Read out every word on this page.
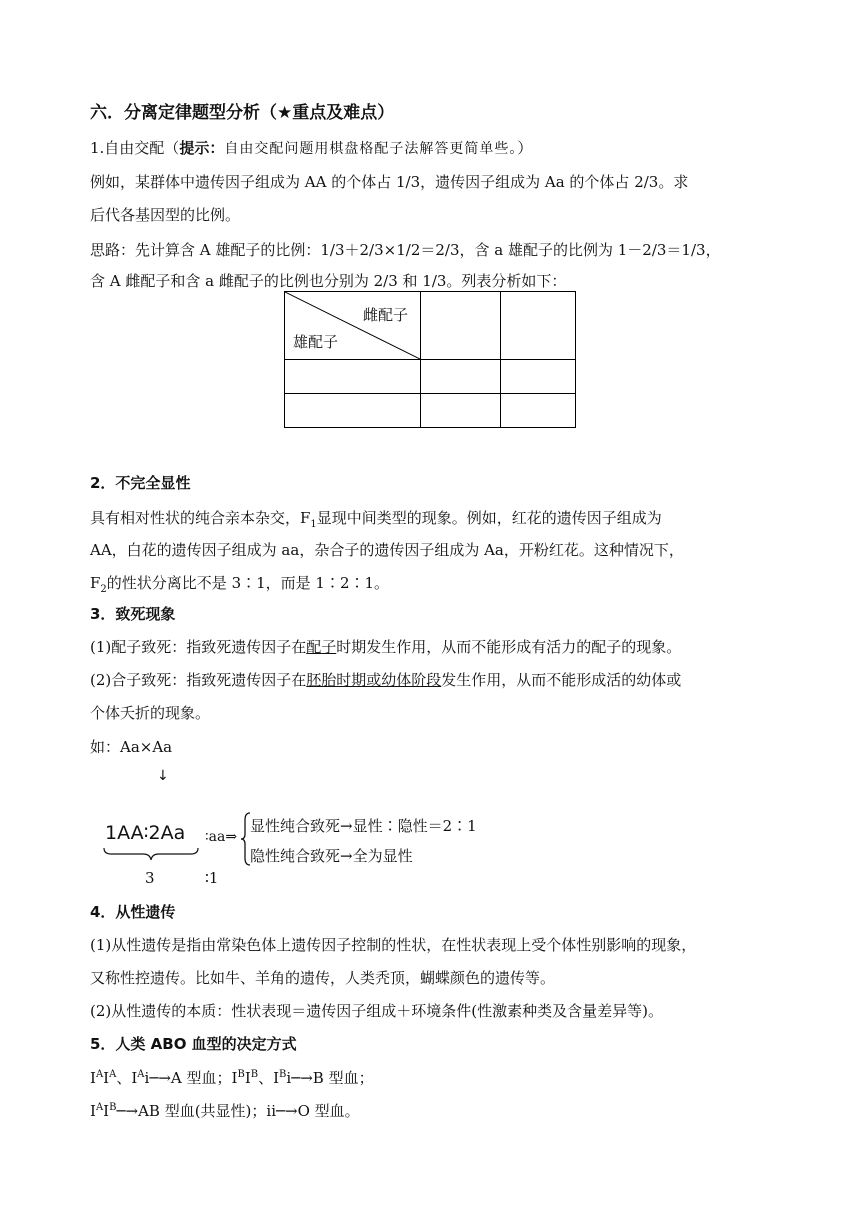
六．分离定律题型分析（★重点及难点）
1.自由交配（提示：自由交配问题用棋盘格配子法解答更简单些。）
例如，某群体中遗传因子组成为 AA 的个体占 1/3，遗传因子组成为 Aa 的个体占 2/3。求
后代各基因型的比例。
思路：先计算含 A 雄配子的比例：1/3＋2/3×1/2＝2/3，含 a 雄配子的比例为 1－2/3＝1/3，
含 A 雌配子和含 a 雌配子的比例也分别为 2/3 和 1/3。列表分析如下：
雌配子
雄配子		

2．不完全显性
具有相对性状的纯合亲本杂交，$F_1$显现中间类型的现象。例如，红花的遗传因子组成为
AA，白花的遗传因子组成为 aa，杂合子的遗传因子组成为 Aa，开粉红花。这种情况下，
$F_2$的性状分离比不是 3∶1，而是 1∶2∶1。
3．致死现象
(1)配子致死：指致死遗传因子在配子时期发生作用，从而不能形成有活力的配子的现象。
(2)合子致死：指致死遗传因子在胚胎时期或幼体阶段发生作用，从而不能形成活的幼体或
个体夭折的现象。
如：Aa×Aa
↓
1AA∶2Aa ∶aa⇒
显性纯合致死→显性∶隐性＝2∶1
隐性纯合致死→全为显性
3	∶1
4．从性遗传
(1)从性遗传是指由常染色体上遗传因子控制的性状，在性状表现上受个体性别影响的现象，
又称性控遗传。比如牛、羊角的遗传，人类秃顶，蝴蝶颜色的遗传等。
(2)从性遗传的本质：性状表现＝遗传因子组成＋环境条件(性激素种类及含量差异等)。
5．人类 ABO 血型的决定方式
$I^AI^A$、$I^Ai─\to A$ 型血；$I^BI^B$、$I^Bi─\to B$ 型血；
$I^AI^B─\to AB$ 型血(共显性)；ii─→O 型血。
